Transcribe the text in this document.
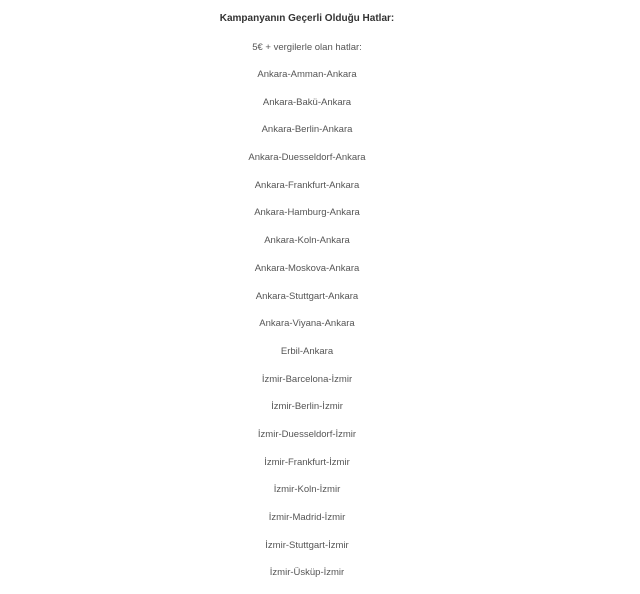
Kampanyanın Geçerli Olduğu Hatlar:
5€ + vergilerle olan hatlar:
Ankara-Amman-Ankara
Ankara-Bakü-Ankara
Ankara-Berlin-Ankara
Ankara-Duesseldorf-Ankara
Ankara-Frankfurt-Ankara
Ankara-Hamburg-Ankara
Ankara-Koln-Ankara
Ankara-Moskova-Ankara
Ankara-Stuttgart-Ankara
Ankara-Viyana-Ankara
Erbil-Ankara
İzmir-Barcelona-İzmir
İzmir-Berlin-İzmir
İzmir-Duesseldorf-İzmir
İzmir-Frankfurt-İzmir
İzmir-Koln-İzmir
İzmir-Madrid-İzmir
İzmir-Stuttgart-İzmir
İzmir-Üsküp-İzmir
